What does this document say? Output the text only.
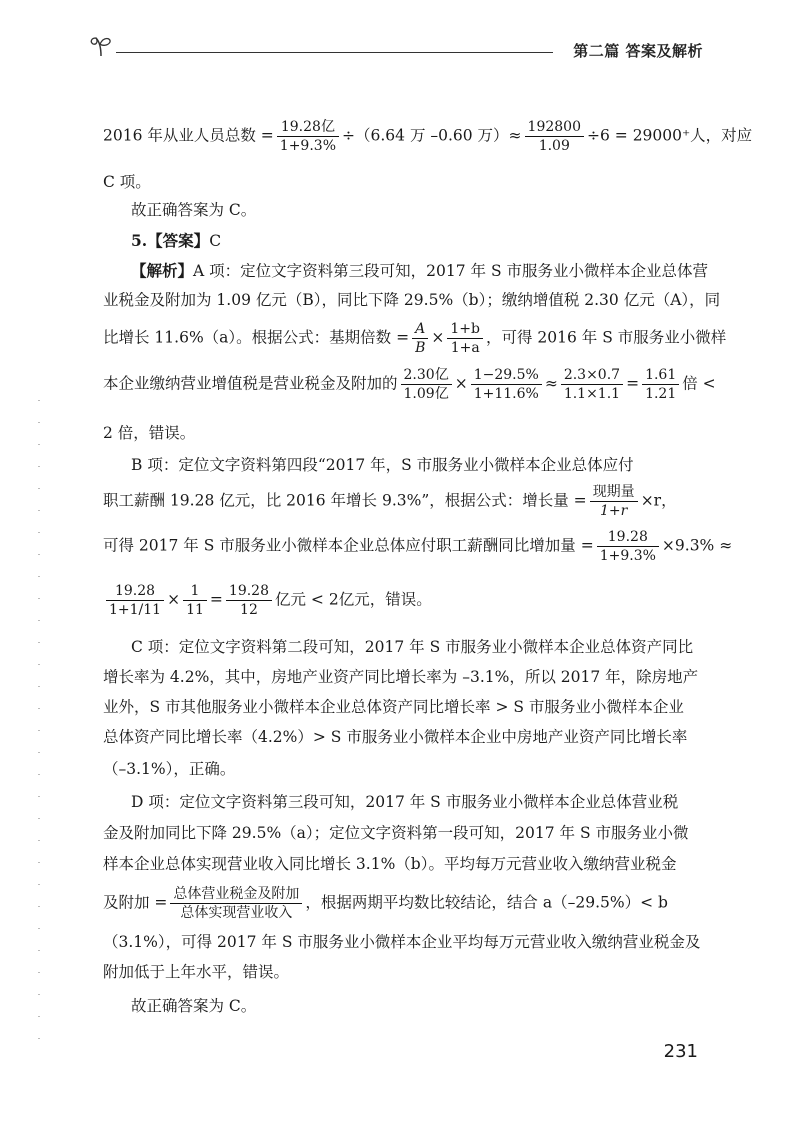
第二篇 答案及解析
2016 年从业人员总数 = $\frac{\text{19.28亿}}{1+9.3\%} \div(6.64$ 万 –0.60 万）≈ $\frac{192800}{1.09} \div 6 = 29000^+$人，对应
C 项。
故正确答案为 C。
5.【答案】C
【解析】A 项：定位文字资料第三段可知，2017 年 S 市服务业小微样本企业总体营
业税金及附加为 1.09 亿元（B），同比下降 29.5%（b）；缴纳增值税 2.30 亿元（A），同
比增长 11.6%（a）。根据公式：基期倍数 = $\frac{A}{B} \times \frac{1+b}{1+a}$ ，可得 2016 年 S 市服务业小微样
本企业缴纳营业增值税是营业税金及附加的 $\frac{\text{2.30亿}}{\text{1.09亿}} \times \frac{1-29.5\%}{1+11.6\%} \approx \frac{2.3\times 0.7}{1.1\times 1.1} = \frac{1.61}{1.21}$ 倍 <
2 倍，错误。
B 项：定位文字资料第四段“2017 年，S 市服务业小微样本企业总体应付
职工薪酬 19.28 亿元，比 2016 年增长 9.3%”，根据公式：增长量 = $\frac{\text{现期量}}{1+r} \times r$，
可得 2017 年 S 市服务业小微样本企业总体应付职工薪酬同比增加量 = $\frac{19.28}{1+9.3\%} \times 9.3\%$ ≈
$\frac{19.28}{1+1/11} \times \frac{1}{11} = \frac{19.28}{12}$ 亿元 < 2亿元，错误。
C 项：定位文字资料第二段可知，2017 年 S 市服务业小微样本企业总体资产同比
增长率为 4.2%，其中，房地产业资产同比增长率为 –3.1%，所以 2017 年，除房地产
业外，S 市其他服务业小微样本企业总体资产同比增长率 > S 市服务业小微样本企业
总体资产同比增长率（4.2%）> S 市服务业小微样本企业中房地产业资产同比增长率
（–3.1%），正确。
D 项：定位文字资料第三段可知，2017 年 S 市服务业小微样本企业总体营业税
金及附加同比下降 29.5%（a）；定位文字资料第一段可知，2017 年 S 市服务业小微
样本企业总体实现营业收入同比增长 3.1%（b）。平均每万元营业收入缴纳营业税金
及附加 = $\frac{\text{总体营业税金及附加}}{\text{总体实现营业收入}}$ ，根据两期平均数比较结论，结合 a（–29.5%）< b
（3.1%），可得 2017 年 S 市服务业小微样本企业平均每万元营业收入缴纳营业税金及
附加低于上年水平，错误。
故正确答案为 C。
231
